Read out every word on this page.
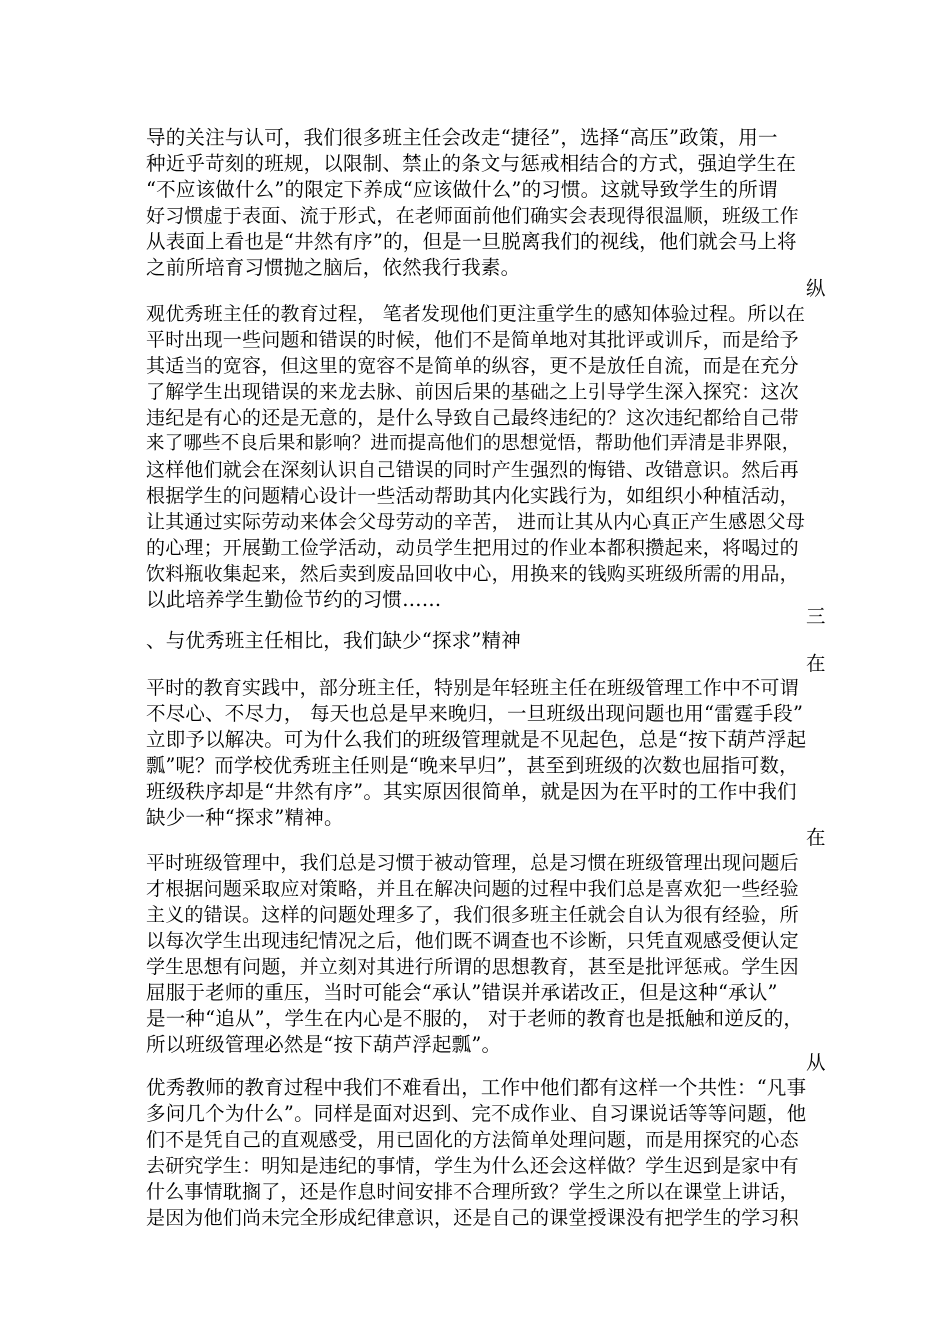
导的关注与认可，我们很多班主任会改走“捷径”，选择“高压”政策，用一
种近乎苛刻的班规，以限制、禁止的条文与惩戒相结合的方式，强迫学生在
“不应该做什么”的限定下养成“应该做什么”的习惯。这就导致学生的所谓
好习惯虚于表面、流于形式，在老师面前他们确实会表现得很温顺，班级工作
从表面上看也是“井然有序”的，但是一旦脱离我们的视线，他们就会马上将
之前所培育习惯抛之脑后，依然我行我素。
纵
观优秀班主任的教育过程， 笔者发现他们更注重学生的感知体验过程。所以在
平时出现一些问题和错误的时候，他们不是简单地对其批评或训斥，而是给予
其适当的宽容，但这里的宽容不是简单的纵容，更不是放任自流，而是在充分
了解学生出现错误的来龙去脉、前因后果的基础之上引导学生深入探究：这次
违纪是有心的还是无意的，是什么导致自己最终违纪的？这次违纪都给自己带
来了哪些不良后果和影响？进而提高他们的思想觉悟，帮助他们弄清是非界限，
这样他们就会在深刻认识自己错误的同时产生强烈的悔错、改错意识。然后再
根据学生的问题精心设计一些活动帮助其内化实践行为，如组织小种植活动，
让其通过实际劳动来体会父母劳动的辛苦， 进而让其从内心真正产生感恩父母
的心理；开展勤工俭学活动，动员学生把用过的作业本都积攒起来，将喝过的
饮料瓶收集起来，然后卖到废品回收中心，用换来的钱购买班级所需的用品，
以此培养学生勤俭节约的习惯……
三
、与优秀班主任相比，我们缺少“探求”精神
在
平时的教育实践中，部分班主任，特别是年轻班主任在班级管理工作中不可谓
不尽心、不尽力， 每天也总是早来晚归，一旦班级出现问题也用“雷霆手段”
立即予以解决。可为什么我们的班级管理就是不见起色，总是“按下葫芦浮起
瓢”呢？而学校优秀班主任则是“晚来早归”，甚至到班级的次数也屈指可数，
班级秩序却是“井然有序”。其实原因很简单，就是因为在平时的工作中我们
缺少一种“探求”精神。
在
平时班级管理中，我们总是习惯于被动管理，总是习惯在班级管理出现问题后
才根据问题采取应对策略，并且在解决问题的过程中我们总是喜欢犯一些经验
主义的错误。这样的问题处理多了，我们很多班主任就会自认为很有经验，所
以每次学生出现违纪情况之后，他们既不调查也不诊断，只凭直观感受便认定
学生思想有问题，并立刻对其进行所谓的思想教育，甚至是批评惩戒。学生因
屈服于老师的重压，当时可能会“承认”错误并承诺改正，但是这种“承认”
是一种“追从”，学生在内心是不服的， 对于老师的教育也是抵触和逆反的，
所以班级管理必然是“按下葫芦浮起瓢”。
从
优秀教师的教育过程中我们不难看出，工作中他们都有这样一个共性：“凡事
多问几个为什么”。同样是面对迟到、完不成作业、自习课说话等等问题，他
们不是凭自己的直观感受，用已固化的方法简单处理问题，而是用探究的心态
去研究学生：明知是违纪的事情，学生为什么还会这样做？学生迟到是家中有
什么事情耽搁了，还是作息时间安排不合理所致？学生之所以在课堂上讲话，
是因为他们尚未完全形成纪律意识，还是自己的课堂授课没有把学生的学习积
